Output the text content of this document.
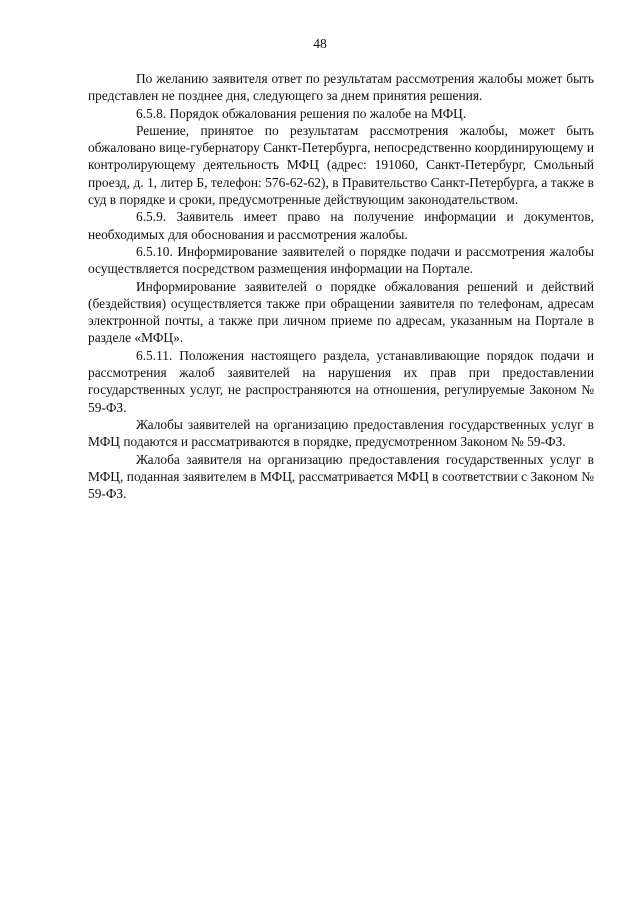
48

По желанию заявителя ответ по результатам рассмотрения жалобы может быть представлен не позднее дня, следующего за днем принятия решения.

6.5.8. Порядок обжалования решения по жалобе на МФЦ.

Решение, принятое по результатам рассмотрения жалобы, может быть обжаловано вице-губернатору Санкт-Петербурга, непосредственно координирующему и контролирующему деятельность МФЦ (адрес: 191060, Санкт-Петербург, Смольный проезд, д. 1, литер Б, телефон: 576-62-62), в Правительство Санкт-Петербурга, а также в суд в порядке и сроки, предусмотренные действующим законодательством.

6.5.9. Заявитель имеет право на получение информации и документов, необходимых для обоснования и рассмотрения жалобы.

6.5.10. Информирование заявителей о порядке подачи и рассмотрения жалобы осуществляется посредством размещения информации на Портале.

Информирование заявителей о порядке обжалования решений и действий (бездействия) осуществляется также при обращении заявителя по телефонам, адресам электронной почты, а также при личном приеме по адресам, указанным на Портале в разделе «МФЦ».

6.5.11. Положения настоящего раздела, устанавливающие порядок подачи и рассмотрения жалоб заявителей на нарушения их прав при предоставлении государственных услуг, не распространяются на отношения, регулируемые Законом № 59-ФЗ.

Жалобы заявителей на организацию предоставления государственных услуг в МФЦ подаются и рассматриваются в порядке, предусмотренном Законом № 59-ФЗ.

Жалоба заявителя на организацию предоставления государственных услуг в МФЦ, поданная заявителем в МФЦ, рассматривается МФЦ в соответствии с Законом № 59-ФЗ.
